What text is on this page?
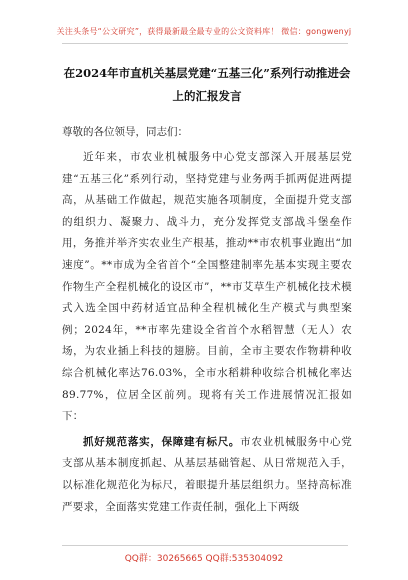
关注头条号“公文研究”，获得最新最全最专业的公文资料库！ 微信：gongwenyj

在2024年市直机关基层党建“五基三化”系列行动推进会上的汇报发言

尊敬的各位领导，同志们：

近年来，市农业机械服务中心党支部深入开展基层党建“五基三化”系列行动，坚持党建与业务两手抓两促进两提高，从基础工作做起，规范实施各项制度，全面提升党支部的组织力、凝聚力、战斗力，充分发挥党支部战斗堡垒作用，务推并举齐实农业生产根基，推动**市农机事业跑出“加速度”。**市成为全省首个“全国整建制率先基本实现主要农作物生产全程机械化的设区市”，**市艾草生产机械化技术模式入选全国中药材适宜品种全程机械化生产模式与典型案例；2024年，**市率先建设全省首个水稻智慧（无人）农场，为农业插上科技的翅膀。目前，全市主要农作物耕种收综合机械化率达76.03%，全市水稻耕种收综合机械化率达89.77%，位居全区前列。现将有关工作进展情况汇报如下：

抓好规范落实，保障建有标尺。市农业机械服务中心党支部从基本制度抓起、从基层基础管起、从日常规范入手，以标准化规范化为标尺，着眼提升基层组织力。坚持高标准严要求，全面落实党建工作责任制，强化上下两级

QQ群：30265665 QQ群:535304092
